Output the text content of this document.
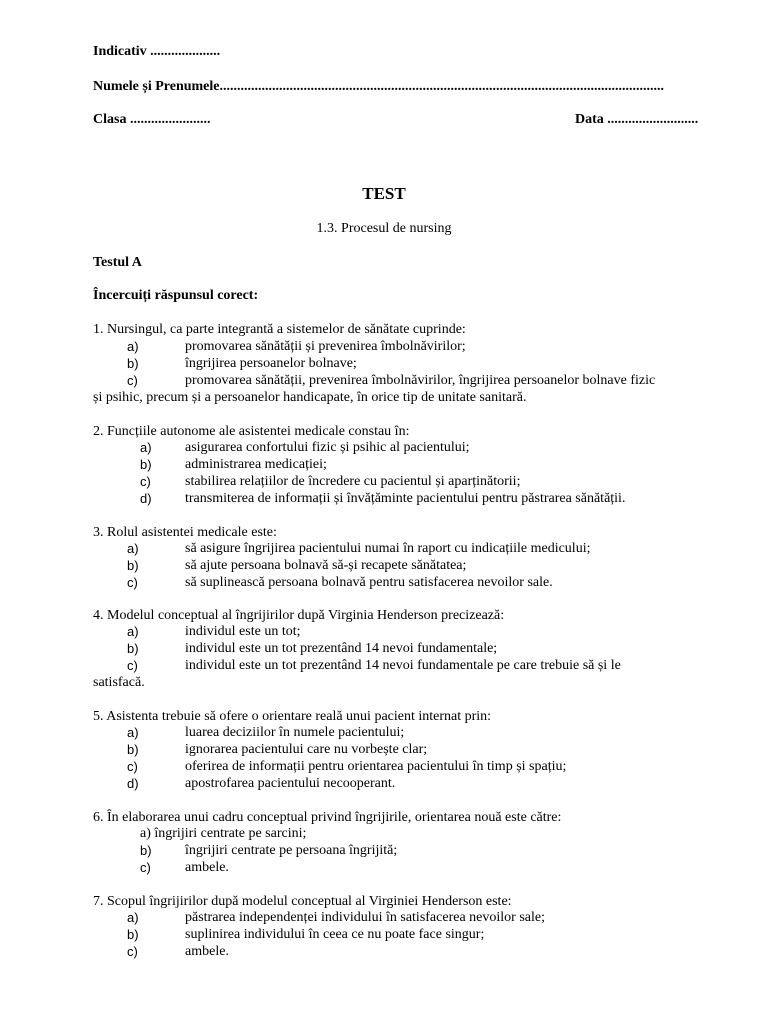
Indicativ ....................
Numele și Prenumele...............................................................................................................................
Clasa .......................	Data ..........................
TEST
1.3. Procesul de nursing
Testul A
Încercuiți răspunsul corect:
1. Nursingul, ca parte integrantă a sistemelor de sănătate cuprinde:
a)	promovarea sănătății și prevenirea îmbolnăvirilor;
b)	îngrijirea persoanelor bolnave;
c)	promovarea sănătății, prevenirea îmbolnăvirilor, îngrijirea persoanelor bolnave fizic
și psihic, precum și a persoanelor handicapate, în orice tip de unitate sanitară.
2. Funcțiile autonome ale asistentei medicale constau în:
a) asigurarea confortului fizic și psihic al pacientului;
b) administrarea medicației;
c) stabilirea relațiilor de încredere cu pacientul și aparținătorii;
d) transmiterea de informații și învățăminte pacientului pentru păstrarea sănătății.
3. Rolul asistentei medicale este:
a)	să asigure îngrijirea pacientului numai în raport cu indicațiile medicului;
b)	să ajute persoana bolnavă să-și recapete sănătatea;
c)	să suplinească persoana bolnavă pentru satisfacerea nevoilor sale.
4. Modelul conceptual al îngrijirilor după Virginia Henderson precizează:
a)	individul este un tot;
b)	individul este un tot prezentând 14 nevoi fundamentale;
c)	individul este un tot prezentând 14 nevoi fundamentale pe care trebuie să și le
satisfacă.
5. Asistenta trebuie să ofere o orientare reală unui pacient internat prin:
a)	luarea deciziilor în numele pacientului;
b)	ignorarea pacientului care nu vorbește clar;
c)	oferirea de informații pentru orientarea pacientului în timp și spațiu;
d)	apostrofarea pacientului necooperant.
6. În elaborarea unui cadru conceptual privind îngrijirile, orientarea nouă este către:
a) îngrijiri centrate pe sarcini;
b) îngrijiri centrate pe persoana îngrijită;
c) ambele.
7. Scopul îngrijirilor după modelul conceptual al Virginiei Henderson este:
a)	păstrarea independenței individului în satisfacerea nevoilor sale;
b)	suplinirea individului în ceea ce nu poate face singur;
c)	ambele.
